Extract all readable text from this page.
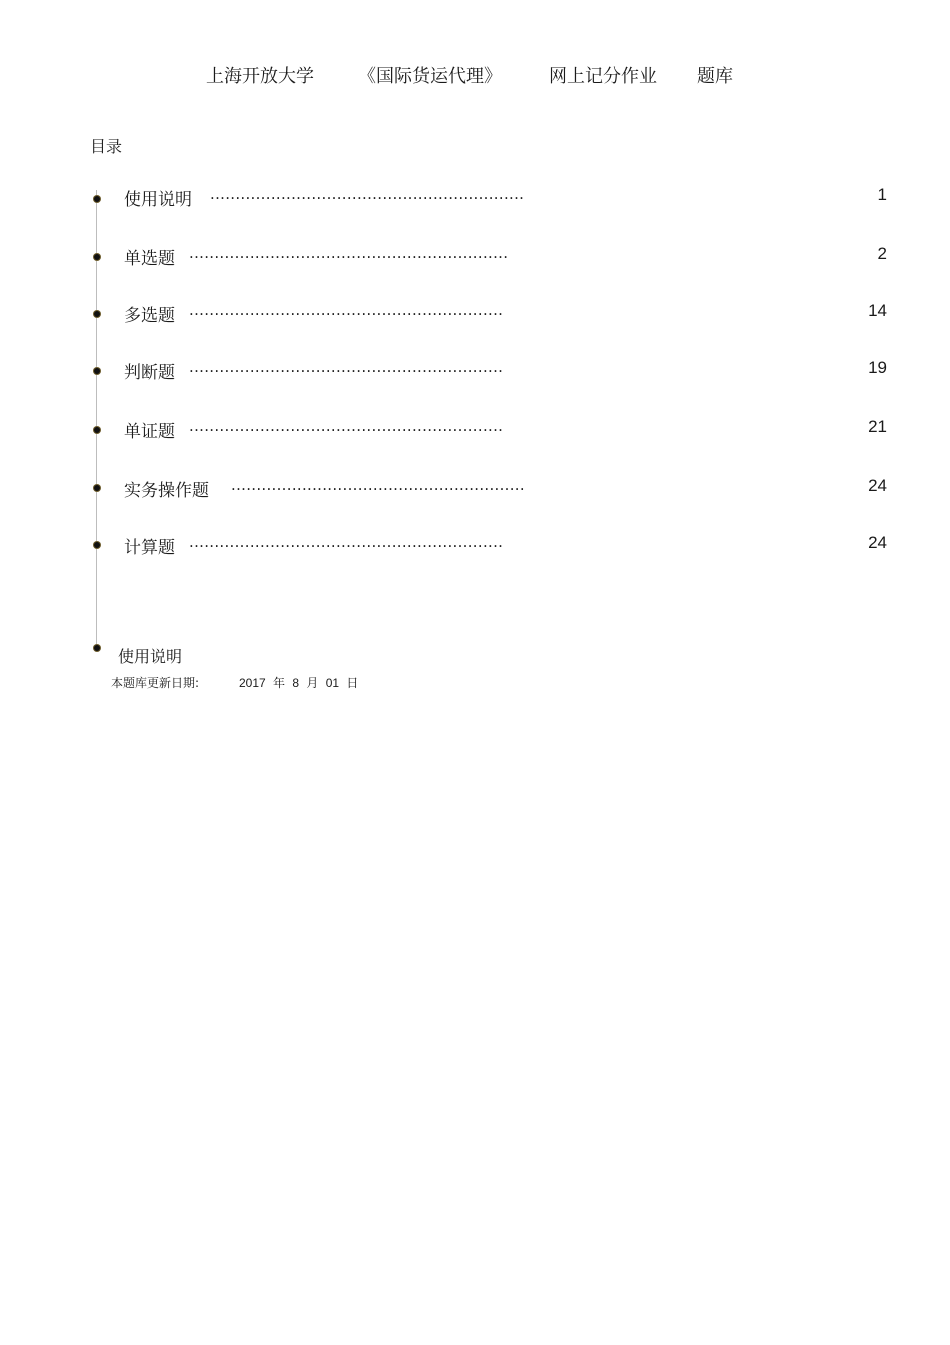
上海开放大学 《国际货运代理》	网上记分作业 题库
目录
使用说明 ..............................................................	1
单选题 ...............................................................	2
多选题 ..............................................................	14
判断题 ..............................................................	19
单证题 ..............................................................	21
实务操作题 ..........................................................	24
计算题 ..............................................................	24
使用说明
本题库更新日期:	2017 年 8 月 01 日
